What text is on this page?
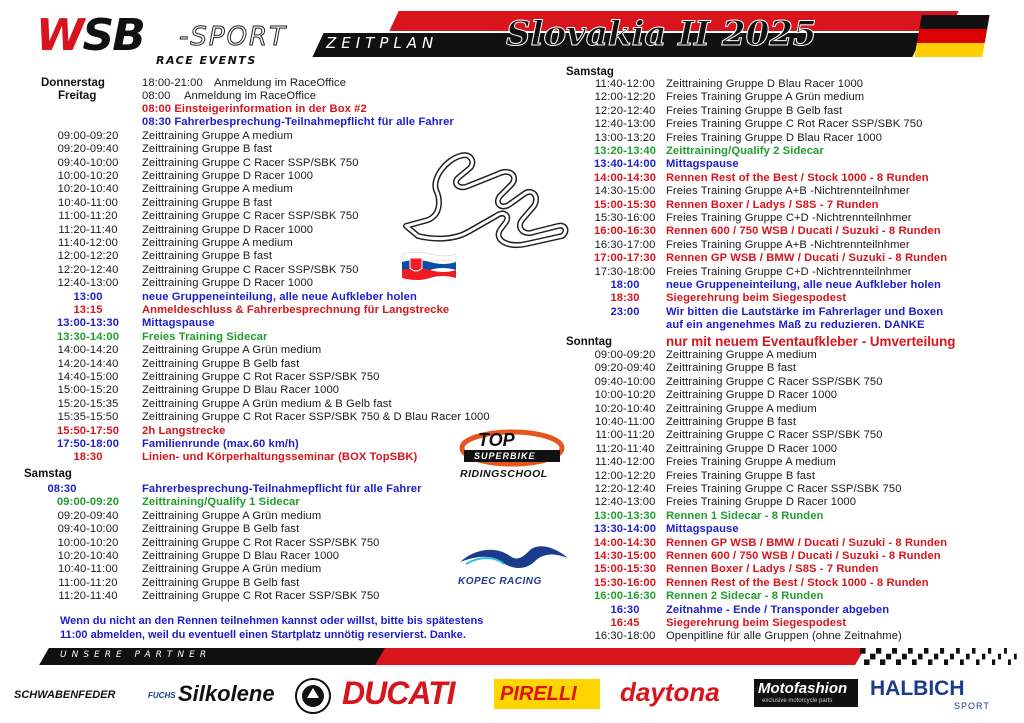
WSB -SPORT
RACE EVENTS
ZEITPLAN Slovakia II 2025
Donnerstag	18:00-21:00 Anmeldung im RaceOffice
Freitag	08:00 Anmeldung im RaceOffice
08:00 Einsteigerinformation in der Box #2
08:30 Fahrerbesprechung-Teilnahmepflicht für alle Fahrer
09:00-09:20	Zeittraining Gruppe A medium
09:20-09:40	Zeittraining Gruppe B fast
09:40-10:00	Zeittraining Gruppe C Racer SSP/SBK 750
10:00-10:20	Zeittraining Gruppe D Racer 1000
10:20-10:40	Zeittraining Gruppe A medium
10:40-11:00	Zeittraining Gruppe B fast
11:00-11:20	Zeittraining Gruppe C Racer SSP/SBK 750
11:20-11:40	Zeittraining Gruppe D Racer 1000
11:40-12:00	Zeittraining Gruppe A medium
12:00-12:20	Zeittraining Gruppe B fast
12:20-12:40	Zeittraining Gruppe C Racer SSP/SBK 750
12:40-13:00	Zeittraining Gruppe D Racer 1000
13:00	neue Gruppeneinteilung, alle neue Aufkleber holen
13:15	Anmeldeschluss & Fahrerbesprechnung für Langstrecke
13:00-13:30	Mittagspause
13:30-14:00	Freies Training Sidecar
14:00-14:20	Zeittraining Gruppe A Grün medium
14:20-14:40	Zeittraining Gruppe B Gelb fast
14:40-15:00	Zeittraining Gruppe C Rot Racer SSP/SBK 750
15:00-15:20	Zeittraining Gruppe D Blau Racer 1000
15:20-15:35	Zeittraining Gruppe A Grün medium & B Gelb fast
15:35-15:50	Zeittraining Gruppe C Rot Racer SSP/SBK 750 & D Blau Racer 1000
15:50-17:50	2h Langstrecke
17:50-18:00	Familienrunde (max.60 km/h)
18:30	Linien- und Körperhaltungsseminar (BOX TopSBK)
Samstag
08:30	Fahrerbesprechung-Teilnahmepflicht für alle Fahrer
09:00-09:20	Zeittraining/Qualify 1 Sidecar
09:20-09:40	Zeittraining Gruppe A Grün medium
09:40-10:00	Zeittraining Gruppe B Gelb fast
10:00-10:20	Zeittraining Gruppe C Rot Racer SSP/SBK 750
10:20-10:40	Zeittraining Gruppe D Blau Racer 1000
10:40-11:00	Zeittraining Gruppe A Grün medium
11:00-11:20	Zeittraining Gruppe B Gelb fast
11:20-11:40	Zeittraining Gruppe C Rot Racer SSP/SBK 750
Wenn du nicht an den Rennen teilnehmen kannst oder willst, bitte bis spätestens
11:00 abmelden, weil du eventuell einen Startplatz unnötig reservierst. Danke.
Samstag
11:40-12:00 Zeittraining Gruppe D Blau Racer 1000
12:00-12:20 Freies Training Gruppe A Grün medium
12:20-12:40 Freies Training Gruppe B Gelb fast
12:40-13:00 Freies Training Gruppe C Rot Racer SSP/SBK 750
13:00-13:20 Freies Training Gruppe D Blau Racer 1000
13:20-13:40 Zeittraining/Qualify 2 Sidecar
13:40-14:00 Mittagspause
14:00-14:30 Rennen Rest of the Best / Stock 1000 - 8 Runden
14:30-15:00 Freies Training Gruppe A+B -Nichtrennteilnhmer
15:00-15:30 Rennen Boxer / Ladys / S8S - 7 Runden
15:30-16:00 Freies Training Gruppe C+D -Nichtrennteilnhmer
16:00-16:30 Rennen 600 / 750 WSB / Ducati / Suzuki - 8 Runden
16:30-17:00 Freies Training Gruppe A+B -Nichtrennteilnhmer
17:00-17:30 Rennen GP WSB / BMW / Ducati / Suzuki - 8 Runden
17:30-18:00 Freies Training Gruppe C+D -Nichtrennteilnhmer
18:00	neue Gruppeneinteilung, alle neue Aufkleber holen
18:30	Siegerehrung beim Siegespodest
23:00	Wir bitten die Lautstärke im Fahrerlager und Boxen
auf ein angenehmes Maß zu reduzieren. DANKE
Sonntag	nur mit neuem Eventaufkleber - Umverteilung
09:00-09:20 Zeittraining Gruppe A medium
09:20-09:40 Zeittraining Gruppe B fast
09:40-10:00 Zeittraining Gruppe C Racer SSP/SBK 750
10:00-10:20 Zeittraining Gruppe D Racer 1000
10:20-10:40 Zeittraining Gruppe A medium
10:40-11:00 Zeittraining Gruppe B fast
11:00-11:20	Zeittraining Gruppe C Racer SSP/SBK 750
11:20-11:40	Zeittraining Gruppe D Racer 1000
11:40-12:00 Freies Training Gruppe A medium
12:00-12:20 Freies Training Gruppe B fast
12:20-12:40 Freies Training Gruppe C Racer SSP/SBK 750
12:40-13:00 Freies Training Gruppe D Racer 1000
13:00-13:30 Rennen 1 Sidecar - 8 Runden
13:30-14:00 Mittagspause
14:00-14:30 Rennen GP WSB / BMW / Ducati / Suzuki - 8 Runden
14:30-15:00 Rennen 600 / 750 WSB / Ducati / Suzuki - 8 Runden
15:00-15:30 Rennen Boxer / Ladys / S8S - 7 Runden
15:30-16:00 Rennen Rest of the Best / Stock 1000 - 8 Runden
16:00-16:30 Rennen 2 Sidecar - 8 Runden
16:30	Zeitnahme - Ende / Transponder abgeben
16:45	Siegerehrung beim Siegespodest
16:30-18:00 Openpitline für alle Gruppen (ohne Zeitnahme)
TOP
SUPERBIKE
RIDINGSCHOOL
KOPEC RACING
UNSERE PARTNER
SCHWABENFEDER	FUCHS Silkolene DUCATI PIRELLI daytona	Motofashion
exclusive motorcycle parts
HALBICH
SPORT
